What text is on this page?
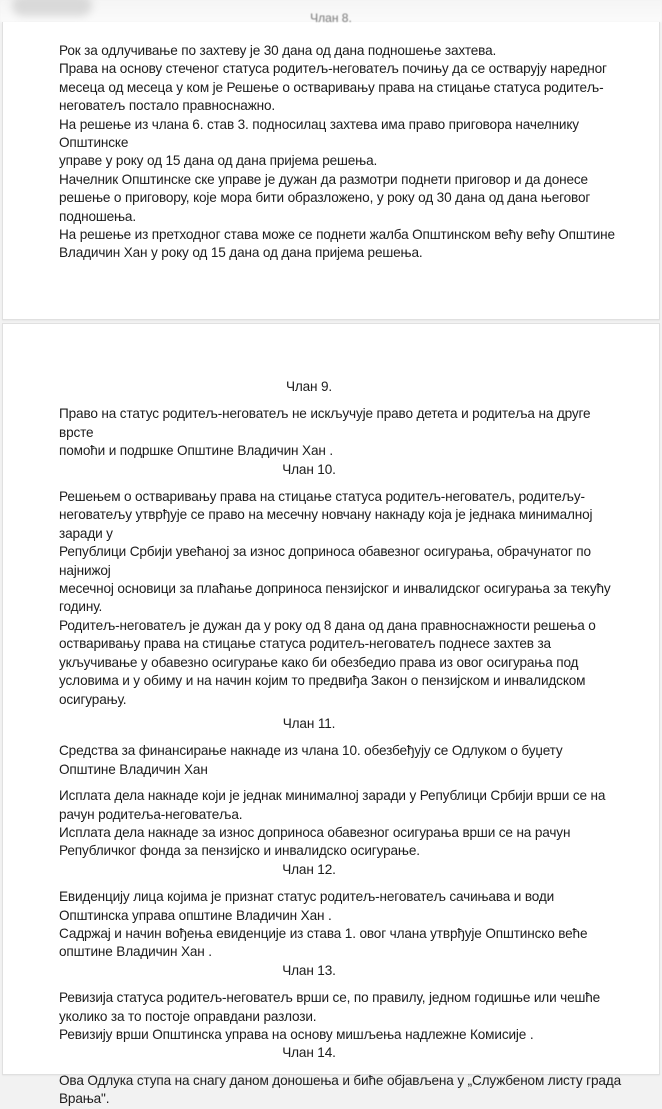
Члан 8.
Рок за одлучивање по захтеву је 30 дана од дана подношење захтева.
Права на основу стеченог статуса родитељ-неговатељ почињу да се остварују наредног
месеца од месеца у ком је Решење о остваривању права на стицање статуса родитељ-
неговатељ постало правноснажно.
На решење из члана 6. став 3. подносилац захтева има право приговора начелнику
Општинске
управе у року од 15 дана од дана пријема решења.
Начелник Општинске ске управе је дужан да размотри поднети приговор и да донесе
решење о приговору, које мора бити образложено, у року од 30 дана од дана његовог
подношења.
На решење из претходног става може се поднети жалба Општинском већу већу Општине
Владичин Хан у року од 15 дана од дана пријема решења.
Члан 9.
Право на статус родитељ-неговатељ не искључује право детета и родитеља на друге
врсте
помоћи и подршке Општине Владичин Хан .
Члан 10.
Решењем о остваривању права на стицање статуса родитељ-неговатељ, родитељу-
неговатељу утврђује се право на месечну новчану накнаду која је једнака минималној
заради у
Републици Србији увећаној за износ доприноса обавезног осигурања, обрачунатог по
најнижој
месечној основици за плаћање доприноса пензијског и инвалидског осигурања за текућу
годину.
Родитељ-неговатељ је дужан да у року од 8 дана од дана правноснажности решења о
остваривању права на стицање статуса родитељ-неговатељ поднесе захтев за
укључивање у обавезно осигурање како би обезбедио права из овог осигурања под
условима и у обиму и на начин којим то предвиђа Закон о пензијском и инвалидском
осигурању.
Члан 11.
Средства за финансирање накнаде из члана 10. обезбеђују се Одлуком о буџету
Општине Владичин Хан
Исплата дела накнаде који је једнак минималној заради у Републици Србији врши се на
рачун родитеља-неговатеља.
Исплата дела накнаде за износ доприноса обавезног осигурања врши се на рачун
Републичког фонда за пензијско и инвалидско осигурање.
Члан 12.
Евиденцију лица којима је признат статус родитељ-неговатељ сачињава и води
Општинска управа општине Владичин Хан .
Садржај и начин вођења евиденције из става 1. овог члана утврђује Општинско веће
општине Владичин Хан .
Члан 13.
Ревизија статуса родитељ-неговатељ врши се, по правилу, једном годишње или чешће
уколико за то постоје оправдани разлози.
Ревизију врши Општинска управа на основу мишљења надлежне Комисије .
Члан 14.
Ова Одлука ступа на снагу даном доношења и биће објављена у „Службеном листу града
Врања".
